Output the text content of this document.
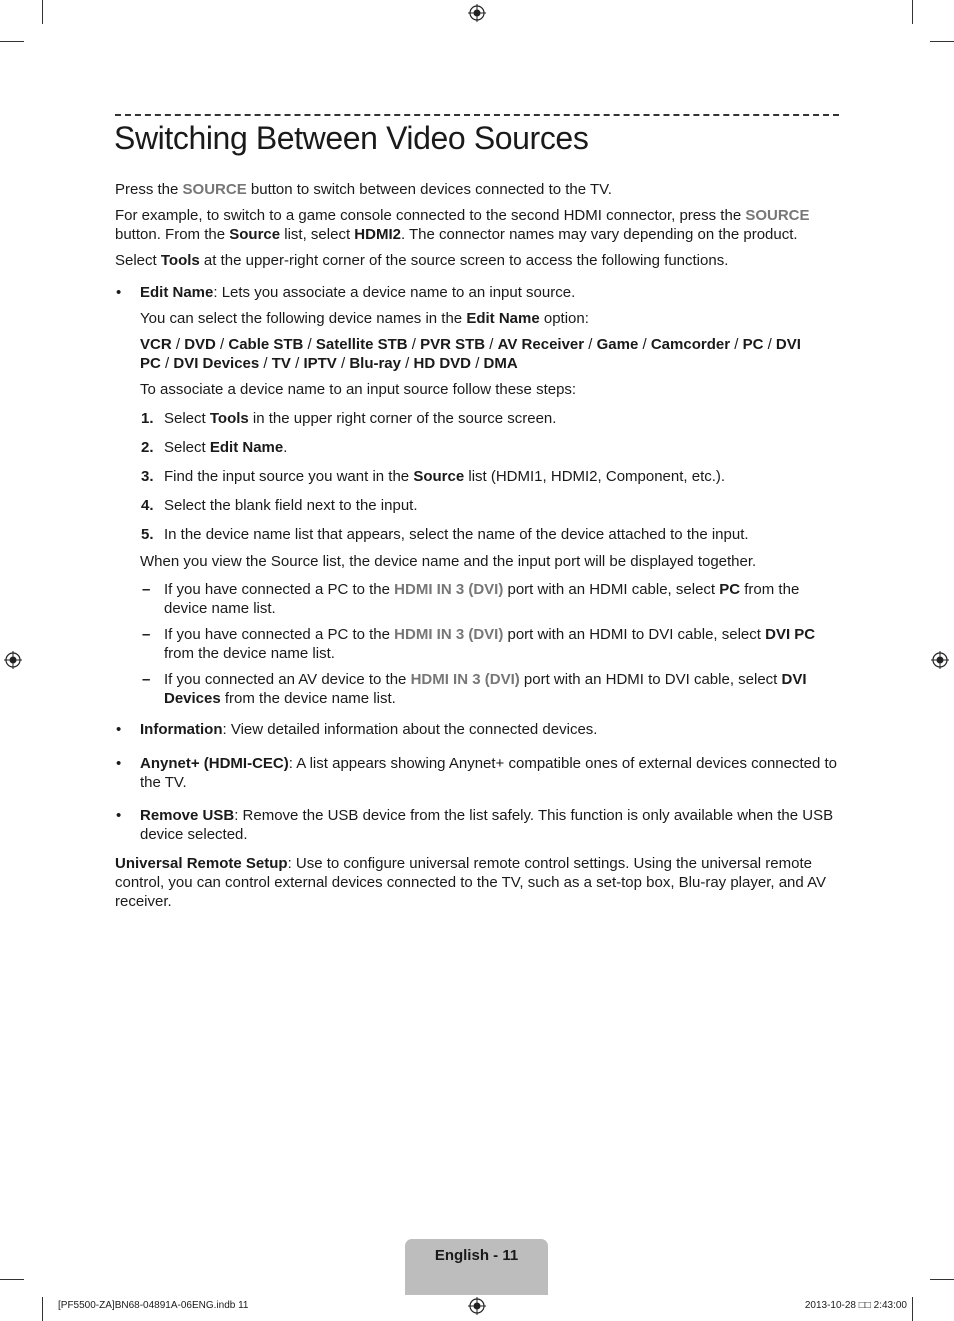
Switching Between Video Sources

Press the SOURCE button to switch between devices connected to the TV.

For example, to switch to a game console connected to the second HDMI connector, press the SOURCE button. From the Source list, select HDMI2. The connector names may vary depending on the product.

Select Tools at the upper-right corner of the source screen to access the following functions.

• Edit Name: Lets you associate a device name to an input source.

You can select the following device names in the Edit Name option:

VCR / DVD / Cable STB / Satellite STB / PVR STB / AV Receiver / Game / Camcorder / PC / DVI
PC / DVI Devices / TV / IPTV / Blu-ray / HD DVD / DMA

To associate a device name to an input source follow these steps:

1. Select Tools in the upper right corner of the source screen.
2. Select Edit Name.
3. Find the input source you want in the Source list (HDMI1, HDMI2, Component, etc.).
4. Select the blank field next to the input.
5. In the device name list that appears, select the name of the device attached to the input.

When you view the Source list, the device name and the input port will be displayed together.

– If you have connected a PC to the HDMI IN 3 (DVI) port with an HDMI cable, select PC from the device name list.
– If you have connected a PC to the HDMI IN 3 (DVI) port with an HDMI to DVI cable, select DVI PC from the device name list.
– If you connected an AV device to the HDMI IN 3 (DVI) port with an HDMI to DVI cable, select DVI Devices from the device name list.
• Information: View detailed information about the connected devices.
• Anynet+ (HDMI-CEC): A list appears showing Anynet+ compatible ones of external devices connected to the TV.
• Remove USB: Remove the USB device from the list safely. This function is only available when the USB device selected.

Universal Remote Setup: Use to configure universal remote control settings. Using the universal remote control, you can control external devices connected to the TV, such as a set-top box, Blu-ray player, and AV receiver.

English - 11
[PF5500-ZA]BN68-04891A-06ENG.indb 11	2013-10-28 □□ 2:43:00
